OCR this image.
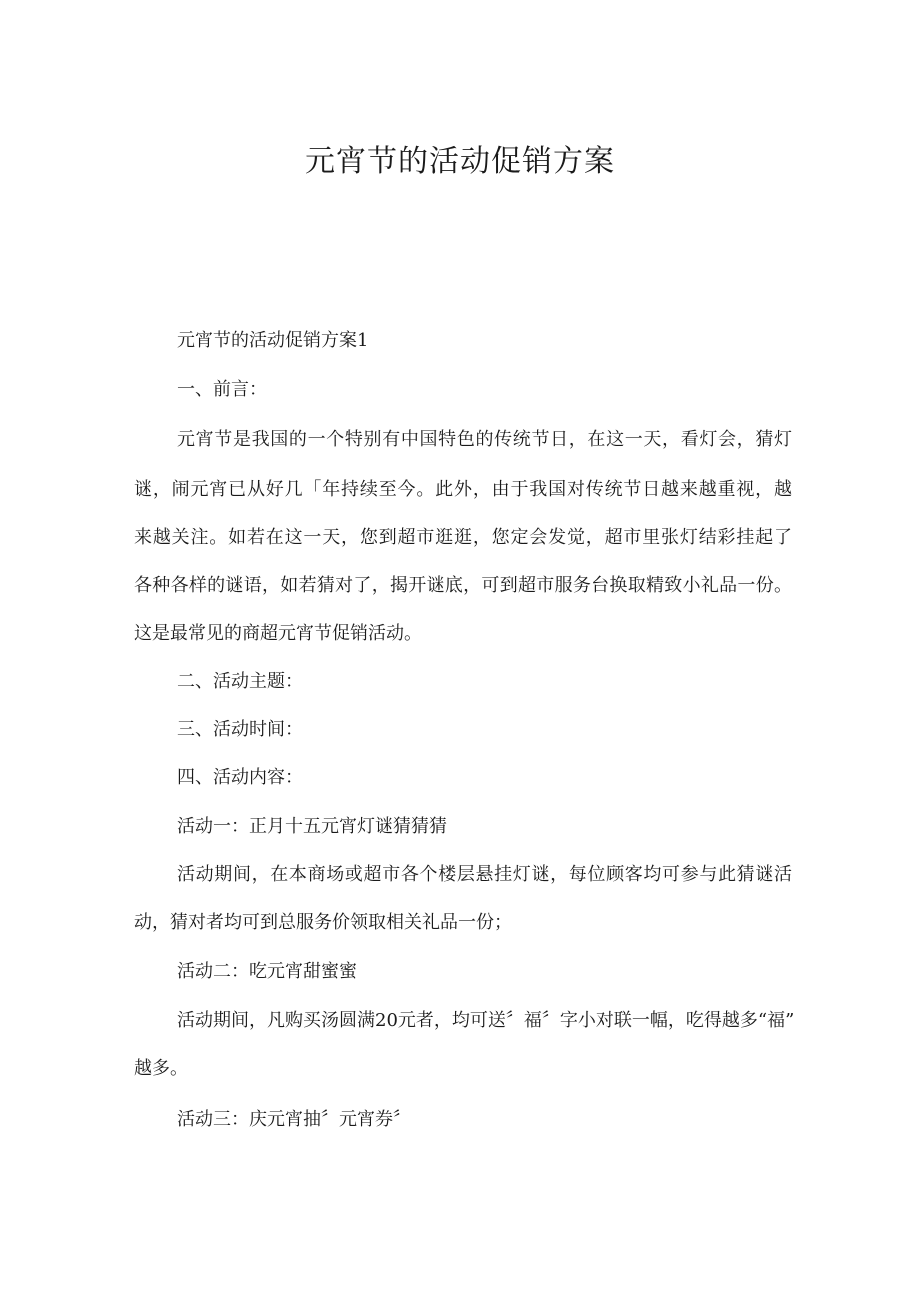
元宵节的活动促销方案

元宵节的活动促销方案1

一、前言：

元宵节是我国的一个特别有中国特色的传统节日，在这一天，看灯会，猜灯

谜，闹元宵已从好几「年持续至今。此外，由于我国对传统节日越来越重视，越

来越关注。如若在这一天，您到超市逛逛，您定会发觉，超市里张灯结彩挂起了

各种各样的谜语，如若猜对了，揭开谜底，可到超市服务台换取精致小礼品一份。

这是最常见的商超元宵节促销活动。

二、活动主题：

三、活动时间：

四、活动内容：

活动一：正月十五元宵灯谜猜猜猜

活动期间，在本商场或超市各个楼层悬挂灯谜，每位顾客均可参与此猜谜活

动，猜对者均可到总服务价领取相关礼品一份；

活动二：吃元宵甜蜜蜜

活动期间，凡购买汤圆满20元者，均可送〞福〞字小对联一幅，吃得越多“福”

越多。

活动三：庆元宵抽〞元宵券〞
